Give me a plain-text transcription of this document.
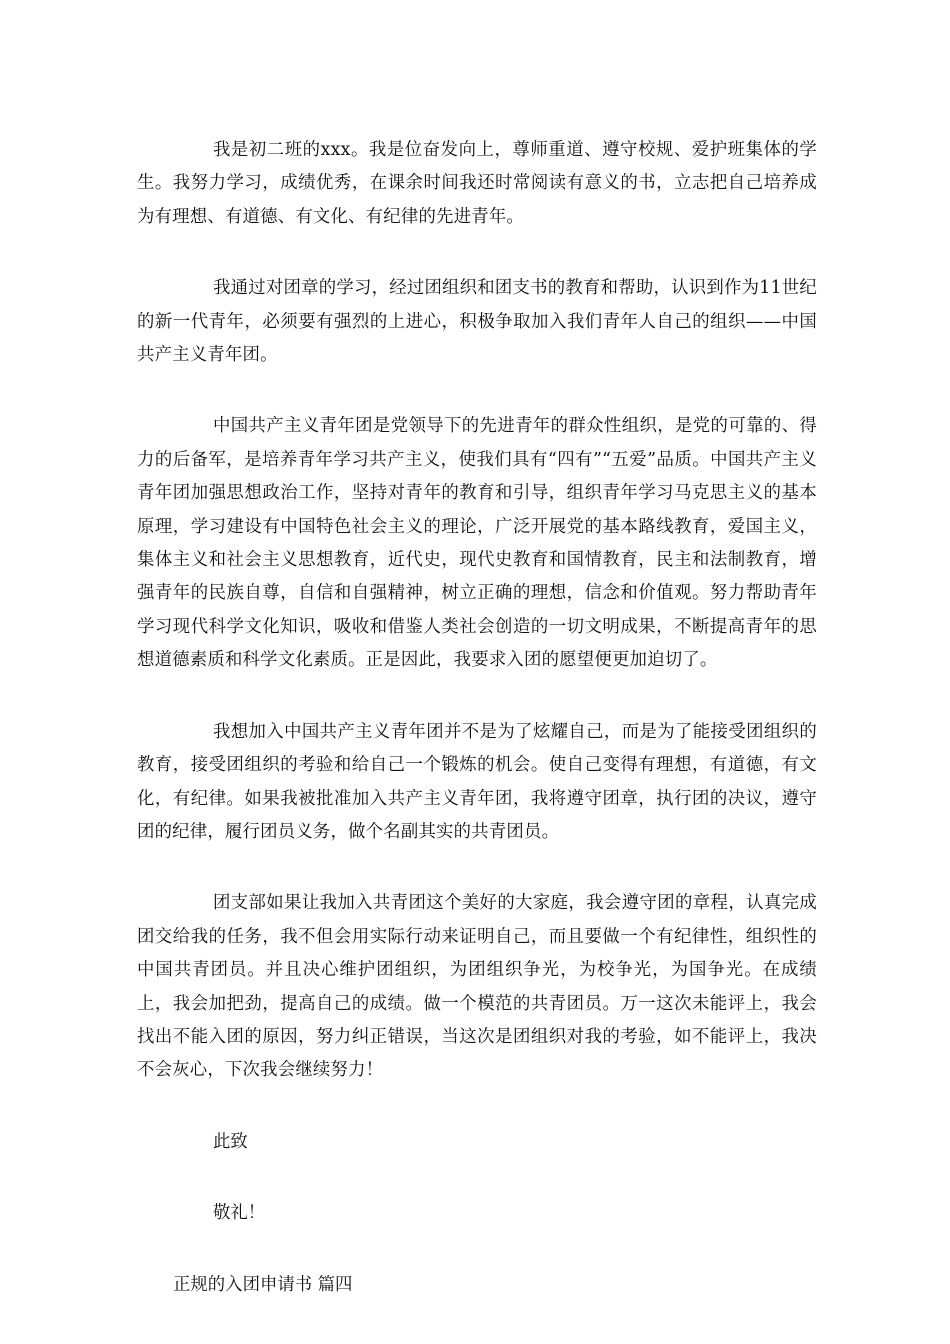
我是初二班的xxx。我是位奋发向上，尊师重道、遵守校规、爱护班集体的学生。我努力学习，成绩优秀，在课余时间我还时常阅读有意义的书，立志把自己培养成为有理想、有道德、有文化、有纪律的先进青年。

我通过对团章的学习，经过团组织和团支书的教育和帮助，认识到作为11世纪的新一代青年，必须要有强烈的上进心，积极争取加入我们青年人自己的组织——中国共产主义青年团。

中国共产主义青年团是党领导下的先进青年的群众性组织，是党的可靠的、得力的后备军，是培养青年学习共产主义，使我们具有“四有”“五爱”品质。中国共产主义青年团加强思想政治工作，坚持对青年的教育和引导，组织青年学习马克思主义的基本原理，学习建设有中国特色社会主义的理论，广泛开展党的基本路线教育，爱国主义，集体主义和社会主义思想教育，近代史，现代史教育和国情教育，民主和法制教育，增强青年的民族自尊，自信和自强精神，树立正确的理想，信念和价值观。努力帮助青年学习现代科学文化知识，吸收和借鉴人类社会创造的一切文明成果，不断提高青年的思想道德素质和科学文化素质。正是因此，我要求入团的愿望便更加迫切了。

我想加入中国共产主义青年团并不是为了炫耀自己，而是为了能接受团组织的教育，接受团组织的考验和给自己一个锻炼的机会。使自己变得有理想，有道德，有文化，有纪律。如果我被批准加入共产主义青年团，我将遵守团章，执行团的决议，遵守团的纪律，履行团员义务，做个名副其实的共青团员。

团支部如果让我加入共青团这个美好的大家庭，我会遵守团的章程，认真完成团交给我的任务，我不但会用实际行动来证明自己，而且要做一个有纪律性，组织性的中国共青团员。并且决心维护团组织，为团组织争光，为校争光，为国争光。在成绩上，我会加把劲，提高自己的成绩。做一个模范的共青团员。万一这次未能评上，我会找出不能入团的原因，努力纠正错误，当这次是团组织对我的考验，如不能评上，我决不会灰心，下次我会继续努力！

此致

敬礼！

正规的入团申请书 篇四
